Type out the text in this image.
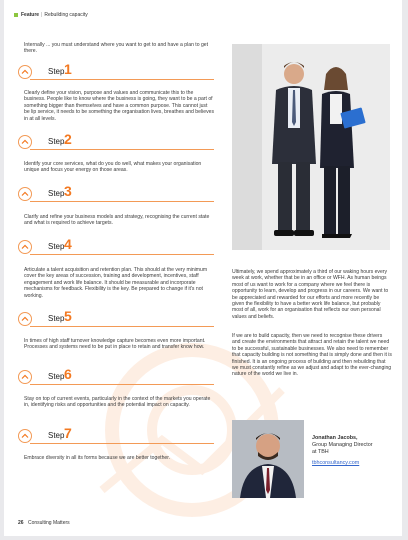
Feature | Rebuilding capacity

Internally ... you must understand where you want to get to and have a plan to get there.

Step 1

Clearly define your vision, purpose and values and communicate this to the business. People like to know where the business is going, they want to be a part of something bigger than themselves and have a common purpose. This cannot just be lip service, it needs to be something the organisation lives, breathes and believes in at all levels.

Step 2

Identify your core services, what do you do well, what makes your organisation unique and focus your energy on those areas.

Step 3

Clarify and refine your business models and strategy, recognising the current state and what is required to achieve targets.

Step 4

Articulate a talent acquisition and retention plan. This should at the very minimum cover the key areas of succession, training and development, incentives, staff engagement and work life balance. It should be measurable and incorporate mechanisms for feedback. Flexibility is the key. Be prepared to change if it's not working.

Step 5

In times of high staff turnover knowledge capture becomes even more important. Processes and systems need to be put in place to retain and transfer know how.

Step 6

Stay on top of current events, particularly in the context of the markets you operate in, identifying risks and opportunities and the potential impact on capacity.

Step 7

Embrace diversity in all its forms because we are better together.

Ultimately, we spend approximately a third of our waking hours every week at work, whether that be in an office or WFH. As human beings most of us want to work for a company where we feel there is opportunity to learn, develop and progress in our careers. We want to be appreciated and rewarded for our efforts and more recently be given the flexibility to have a better work life balance, but probably most of all, work for an organisation that reflects our own personal values and beliefs.

If we are to build capacity, then we need to recognise these drivers and create the environments that attract and retain the talent we need to be successful, sustainable businesses. We also need to remember that capacity building is not something that is simply done and then it is finished. It is an ongoing process of building and then rebuilding that we must constantly refine as we adjust and adapt to the ever-changing nature of the world we live in.

Jonathan Jacobs,
Group Managing Director
at TBH
tbhconsultancy.com
26 Consulting Matters
